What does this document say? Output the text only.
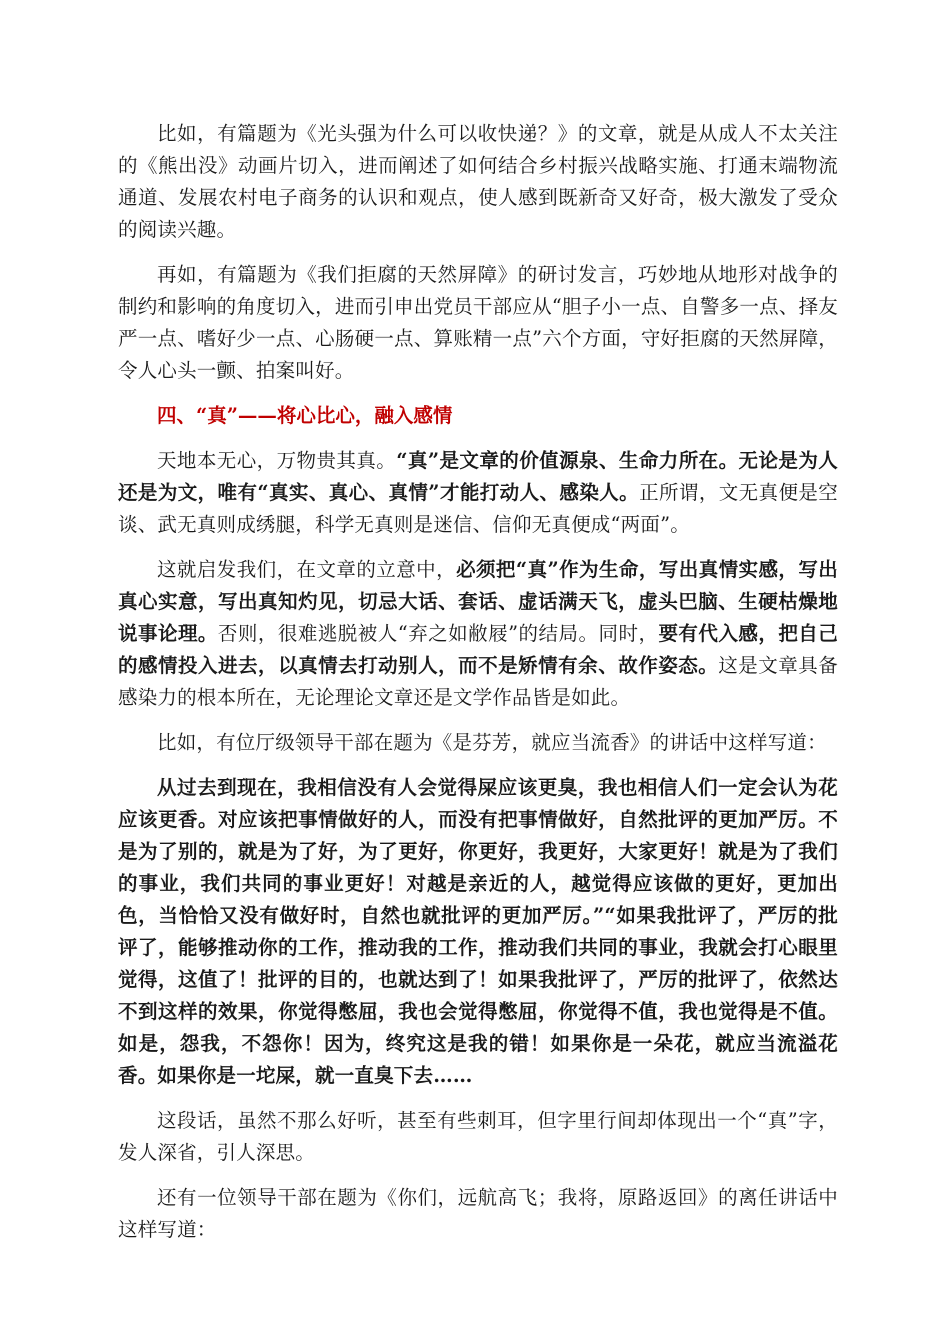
比如，有篇题为《光头强为什么可以收快递？》的文章，就是从成人不太关注的《熊出没》动画片切入，进而阐述了如何结合乡村振兴战略实施、打通末端物流通道、发展农村电子商务的认识和观点，使人感到既新奇又好奇，极大激发了受众的阅读兴趣。

再如，有篇题为《我们拒腐的天然屏障》的研讨发言，巧妙地从地形对战争的制约和影响的角度切入，进而引申出党员干部应从“胆子小一点、自警多一点、择友严一点、嗜好少一点、心肠硬一点、算账精一点”六个方面，守好拒腐的天然屏障，令人心头一颤、拍案叫好。

四、“真”——将心比心，融入感情

天地本无心，万物贵其真。“真”是文章的价值源泉、生命力所在。无论是为人还是为文，唯有“真实、真心、真情”才能打动人、感染人。正所谓，文无真便是空谈、武无真则成绣腿，科学无真则是迷信、信仰无真便成“两面”。

这就启发我们，在文章的立意中，必须把“真”作为生命，写出真情实感，写出真心实意，写出真知灼见，切忌大话、套话、虚话满天飞，虚头巴脑、生硬枯燥地说事论理。否则，很难逃脱被人“弃之如敝屐”的结局。同时，要有代入感，把自己的感情投入进去，以真情去打动别人，而不是矫情有余、故作姿态。这是文章具备感染力的根本所在，无论理论文章还是文学作品皆是如此。

比如，有位厅级领导干部在题为《是芬芳，就应当流香》的讲话中这样写道：

从过去到现在，我相信没有人会觉得屎应该更臭，我也相信人们一定会认为花应该更香。对应该把事情做好的人，而没有把事情做好，自然批评的更加严厉。不是为了别的，就是为了好，为了更好，你更好，我更好，大家更好！就是为了我们的事业，我们共同的事业更好！对越是亲近的人，越觉得应该做的更好，更加出色，当恰恰又没有做好时，自然也就批评的更加严厉。”“如果我批评了，严厉的批评了，能够推动你的工作，推动我的工作，推动我们共同的事业，我就会打心眼里觉得，这值了！批评的目的，也就达到了！如果我批评了，严厉的批评了，依然达不到这样的效果，你觉得憋屈，我也会觉得憋屈，你觉得不值，我也觉得是不值。如是，怨我，不怨你！因为，终究这是我的错！如果你是一朵花，就应当流溢花香。如果你是一坨屎，就一直臭下去……

这段话，虽然不那么好听，甚至有些刺耳，但字里行间却体现出一个“真”字，发人深省，引人深思。

还有一位领导干部在题为《你们，远航高飞；我将，原路返回》的离任讲话中这样写道：
